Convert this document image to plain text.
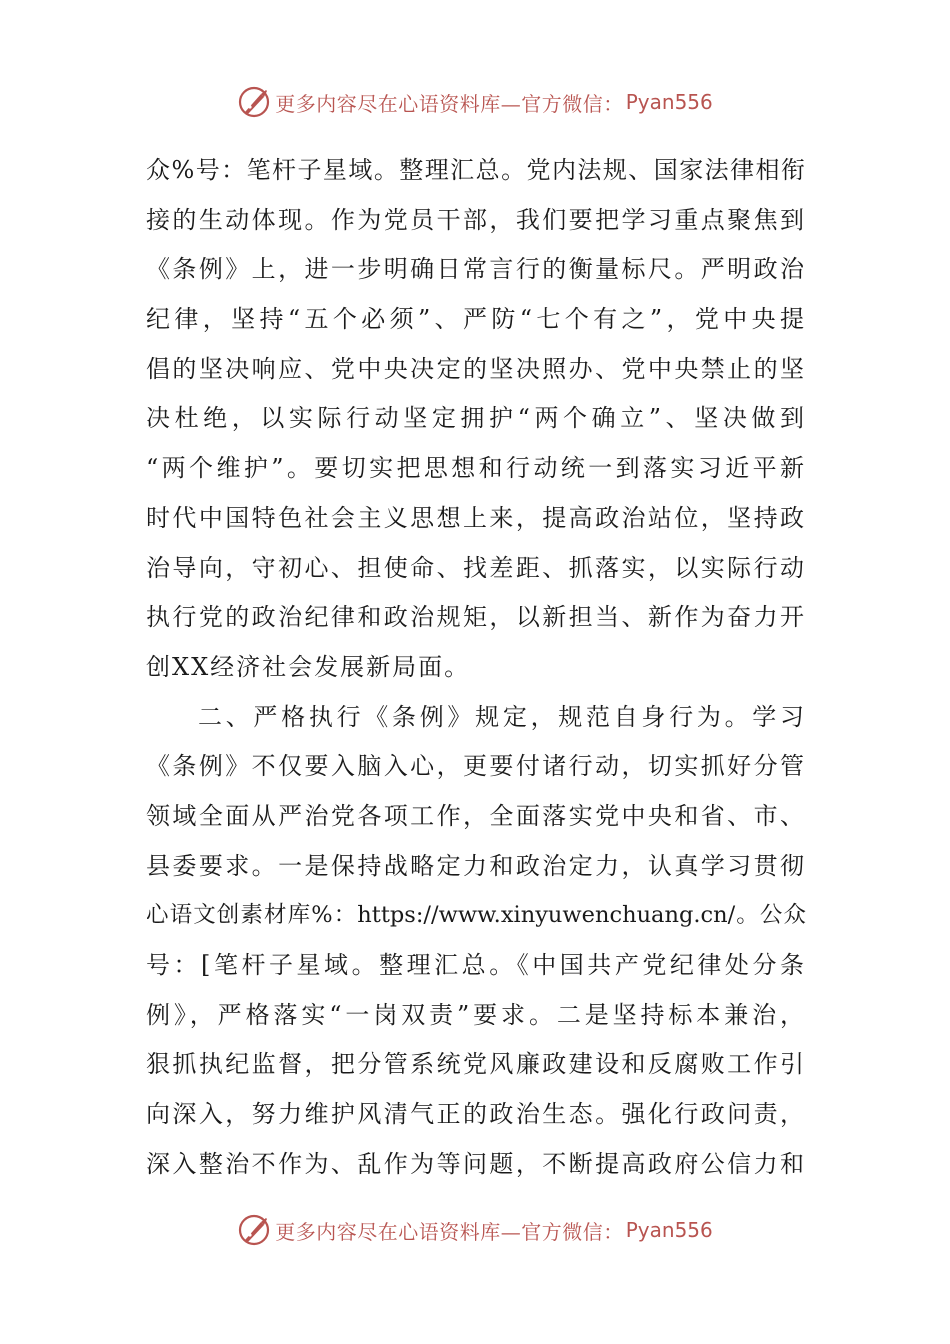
更多内容尽在心语资料库—官方微信： Pyan556
众%号：笔杆子星域。整理汇总。党内法规、国家法律相衔
接的生动体现。作为党员干部，我们要把学习重点聚焦到
《条例》上，进一步明确日常言行的衡量标尺。严明政治
纪律，坚持“五个必须”、严防“七个有之”，党中央提
倡的坚决响应、党中央决定的坚决照办、党中央禁止的坚
决杜绝，以实际行动坚定拥护“两个确立”、坚决做到
“两个维护”。要切实把思想和行动统一到落实习近平新
时代中国特色社会主义思想上来，提高政治站位，坚持政
治导向，守初心、担使命、找差距、抓落实，以实际行动
执行党的政治纪律和政治规矩，以新担当、新作为奋力开
创XX经济社会发展新局面。
二、严格执行《条例》规定，规范自身行为。学习
《条例》不仅要入脑入心，更要付诸行动，切实抓好分管
领域全面从严治党各项工作，全面落实党中央和省、市、
县委要求。一是保持战略定力和政治定力，认真学习贯彻
心语文创素材库%：https://www.xinyuwenchuang.cn/。公众
号：[笔杆子星域。整理汇总。《中国共产党纪律处分条
例》，严格落实“一岗双责”要求。二是坚持标本兼治，
狠抓执纪监督，把分管系统党风廉政建设和反腐败工作引
向深入，努力维护风清气正的政治生态。强化行政问责，
深入整治不作为、乱作为等问题，不断提高政府公信力和
更多内容尽在心语资料库—官方微信： Pyan556
